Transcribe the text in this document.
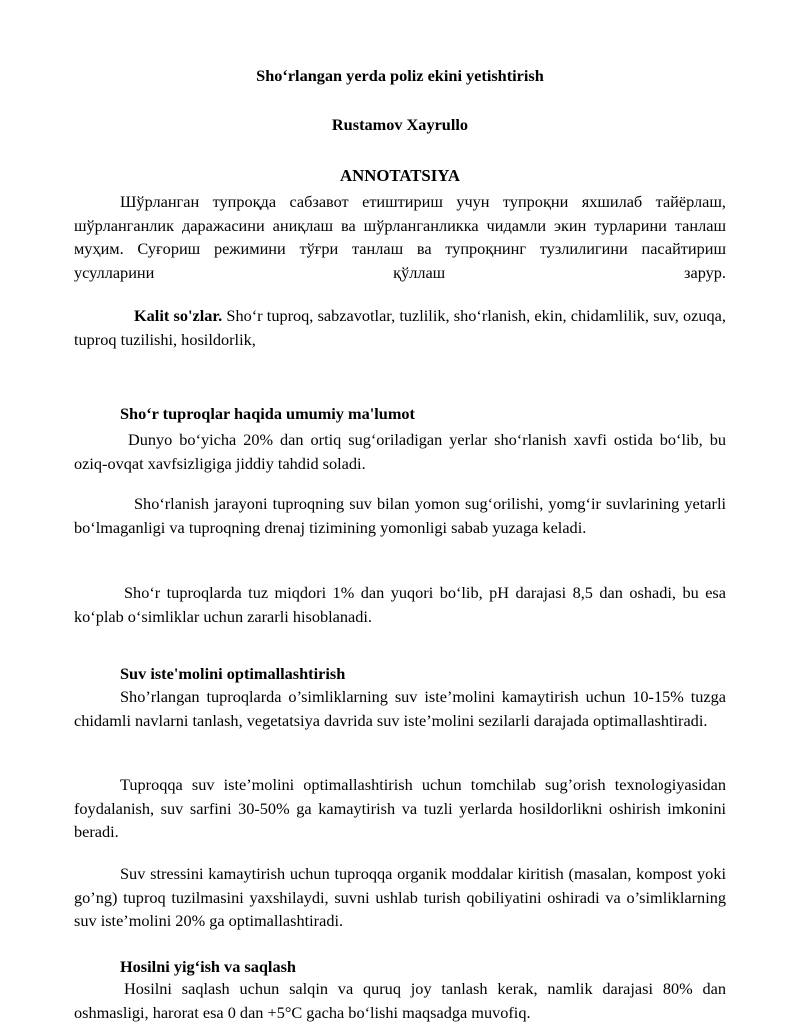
Sho‘rlangan yerda poliz ekini yetishtirish
Rustamov Xayrullo
ANNOTATSIYA

Шўрланган тупроқда сабзавот етиштириш учун тупроқни яхшилаб тайёрлаш, шўрланганлик даражасини аниқлаш ва шўрланганликка чидамли экин турларини танлаш муҳим. Суғориш режимини тўғри танлаш ва тупроқнинг тузлилигини пасайтириш усулларини қўллаш зарур.

Kalit so'zlar. Sho‘r tuproq, sabzavotlar, tuzlilik, sho‘rlanish, ekin, chidamlilik, suv, ozuqa, tuproq tuzilishi, hosildorlik,

Sho‘r tuproqlar haqida umumiy ma'lumot

Dunyo bo‘yicha 20% dan ortiq sug‘oriladigan yerlar sho‘rlanish xavfi ostida bo‘lib, bu oziq-ovqat xavfsizligiga jiddiy tahdid soladi.

Sho‘rlanish jarayoni tuproqning suv bilan yomon sug‘orilishi, yomg‘ir suvlarining yetarli bo‘lmaganligi va tuproqning drenaj tizimining yomonligi sabab yuzaga keladi.

Sho‘r tuproqlarda tuz miqdori 1% dan yuqori bo‘lib, pH darajasi 8,5 dan oshadi, bu esa ko‘plab o‘simliklar uchun zararli hisoblanadi.

Suv iste'molini optimallashtirish

Sho’rlangan tuproqlarda o’simliklarning suv iste’molini kamaytirish uchun 10-15% tuzga chidamli navlarni tanlash, vegetatsiya davrida suv iste’molini sezilarli darajada optimallashtiradi.

Tuproqqa suv iste’molini optimallashtirish uchun tomchilab sug’orish texnologiyasidan foydalanish, suv sarfini 30-50% ga kamaytirish va tuzli yerlarda hosildorlikni oshirish imkonini beradi.

Suv stressini kamaytirish uchun tuproqqa organik moddalar kiritish (masalan, kompost yoki go’ng) tuproq tuzilmasini yaxshilaydi, suvni ushlab turish qobiliyatini oshiradi va o’simliklarning suv iste’molini 20% ga optimallashtiradi.

Hosilni yig‘ish va saqlash

Hosilni saqlash uchun salqin va quruq joy tanlash kerak, namlik darajasi 80% dan oshmasligi, harorat esa 0 dan +5°C gacha bo‘lishi maqsadga muvofiq.
